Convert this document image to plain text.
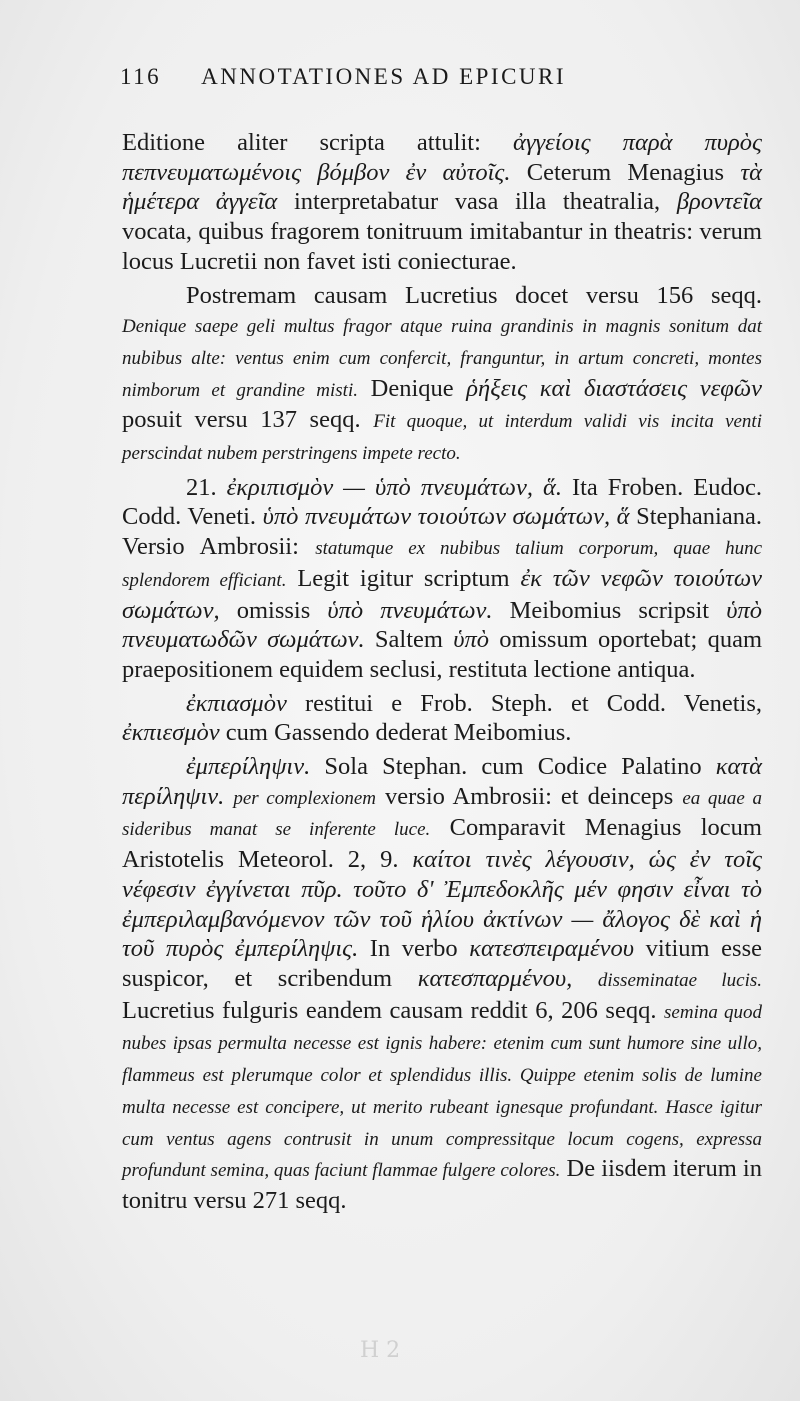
116 ANNOTATIONES AD EPICURI

Editione aliter scripta attulit: ἀγγείοις παρὰ πυρὸς πεπνευματωμένοις βόμβον ἐν αὐτοῖς. Ceterum Menagius τὰ ἡμέτερα ἀγγεῖα interpretabatur vasa illa theatralia, βροντεῖα vocata, quibus fragorem tonitruum imitabantur in theatris: verum locus Lucretii non favet isti coniecturae.

Postremam causam Lucretius docet versu 156 seqq. Denique saepe geli multus fragor atque ruina grandinis in magnis sonitum dat nubibus alte: ventus enim cum confercit, franguntur, in artum concreti, montes nimborum et grandine misti. Denique ῥήξεις καὶ διαστάσεις νεφῶν posuit versu 137 seqq. Fit quoque, ut interdum validi vis incita venti perscindat nubem perstringens impete recto.

21. ἐκριπισμὸν — ὑπὸ πνευμάτων, ἅ. Ita Froben. Eudoc. Codd. Veneti. ὑπὸ πνευμάτων τοιούτων σωμάτων, ἅ Stephaniana. Versio Ambrosii: statumque ex nubibus talium corporum, quae hunc splendorem efficiant. Legit igitur scriptum ἐκ τῶν νεφῶν τοιούτων σωμάτων, omissis ὑπὸ πνευμάτων. Meibomius scripsit ὑπὸ πνευματωδῶν σωμάτων. Saltem ὑπὸ omissum oportebat; quam praepositionem equidem seclusi, restituta lectione antiqua.

ἐκπιασμὸν restitui e Frob. Steph. et Codd. Venetis, ἐκπιεσμὸν cum Gassendo dederat Meibomius.

ἐμπερίληψιν. Sola Stephan. cum Codice Palatino κατὰ περίληψιν. per complexionem versio Ambrosii: et deinceps ea quae a sideribus manat se inferente luce. Comparavit Menagius locum Aristotelis Meteorol. 2, 9. καίτοι τινὲς λέγουσιν, ὡς ἐν τοῖς νέφεσιν ἐγγίνεται πῦρ. τοῦτο δ' Ἐμπεδοκλῆς μέν φησιν εἶναι τὸ ἐμπεριλαμβανόμενον τῶν τοῦ ἡλίου ἀκτίνων — ἄλογος δὲ καὶ ἡ τοῦ πυρὸς ἐμπερίληψις. In verbo κατεσπειραμένου vitium esse suspicor, et scribendum κατεσπαρμένου, disseminatae lucis. Lucretius fulguris eandem causam reddit 6, 206 seqq. semina quod nubes ipsas permulta necesse est ignis habere: etenim cum sunt humore sine ullo, flammeus est plerumque color et splendidus illis. Quippe etenim solis de lumine multa necesse est concipere, ut merito rubeant ignesque profundant. Hasce igitur cum ventus agens contrusit in unum compressitque locum cogens, expressa profundunt semina, quas faciunt flammae fulgere colores. De iisdem iterum in tonitru versu 271 seqq.

H 2
